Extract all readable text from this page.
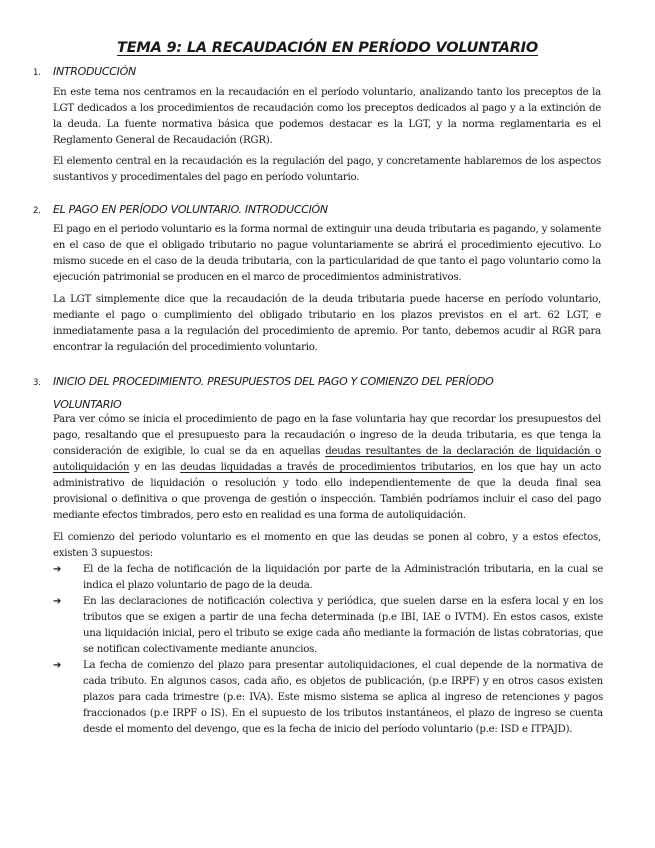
TEMA 9: LA RECAUDACIÓN EN PERÍODO VOLUNTARIO
1. INTRODUCCIÓN

En este tema nos centramos en la recaudación en el período voluntario, analizando tanto los preceptos de la LGT dedicados a los procedimientos de recaudación como los preceptos dedicados al pago y a la extinción de la deuda. La fuente normativa básica que podemos destacar es la LGT, y la norma reglamentaria es el Reglamento General de Recaudación (RGR).

El elemento central en la recaudación es la regulación del pago, y concretamente hablaremos de los aspectos sustantivos y procedimentales del pago en período voluntario.

2. EL PAGO EN PERÍODO VOLUNTARIO. INTRODUCCIÓN

El pago en el periodo voluntario es la forma normal de extinguir una deuda tributaria es pagando, y solamente en el caso de que el obligado tributario no pague voluntariamente se abrirá el procedimiento ejecutivo. Lo mismo sucede en el caso de la deuda tributaria, con la particularidad de que tanto el pago voluntario como la ejecución patrimonial se producen en el marco de procedimientos administrativos.

La LGT simplemente dice que la recaudación de la deuda tributaria puede hacerse en período voluntario, mediante el pago o cumplimiento del obligado tributario en los plazos previstos en el art. 62 LGT, e inmediatamente pasa a la regulación del procedimiento de apremio. Por tanto, debemos acudir al RGR para encontrar la regulación del procedimiento voluntario.

3. INICIO DEL PROCEDIMIENTO. PRESUPUESTOS DEL PAGO Y COMIENZO DEL PERÍODO
VOLUNTARIO

Para ver cómo se inicia el procedimiento de pago en la fase voluntaria hay que recordar los presupuestos del pago, resaltando que el presupuesto para la recaudación o ingreso de la deuda tributaria, es que tenga la consideración de exigible, lo cual se da en aquellas deudas resultantes de la declaración de liquidación o autoliquidación y en las deudas liquidadas a través de procedimientos tributarios, en los que hay un acto administrativo de liquidación o resolución y todo ello independientemente de que la deuda final sea provisional o definitiva o que provenga de gestión o inspección. También podríamos incluir el caso del pago mediante efectos timbrados, pero esto en realidad es una forma de autoliquidación.

El comienzo del periodo voluntario es el momento en que las deudas se ponen al cobro, y a estos efectos, existen 3 supuestos:

➔	El de la fecha de notificación de la liquidación por parte de la Administración tributaria, en la cual se indica el plazo voluntario de pago de la deuda.
➔	En las declaraciones de notificación colectiva y periódica, que suelen darse en la esfera local y en los tributos que se exigen a partir de una fecha determinada (p.e IBI, IAE o IVTM). En estos casos, existe una liquidación inicial, pero el tributo se exige cada año mediante la formación de listas cobratorias, que se notifican colectivamente mediante anuncios.
➔	La fecha de comienzo del plazo para presentar autoliquidaciones, el cual depende de la normativa de cada tributo. En algunos casos, cada año, es objetos de publicación, (p.e IRPF) y en otros casos existen plazos para cada trimestre (p.e: IVA). Este mismo sistema se aplica al ingreso de retenciones y pagos fraccionados (p.e IRPF o IS). En el supuesto de los tributos instantáneos, el plazo de ingreso se cuenta desde el momento del devengo, que es la fecha de inicio del período voluntario (p.e: ISD e ITPAJD).
